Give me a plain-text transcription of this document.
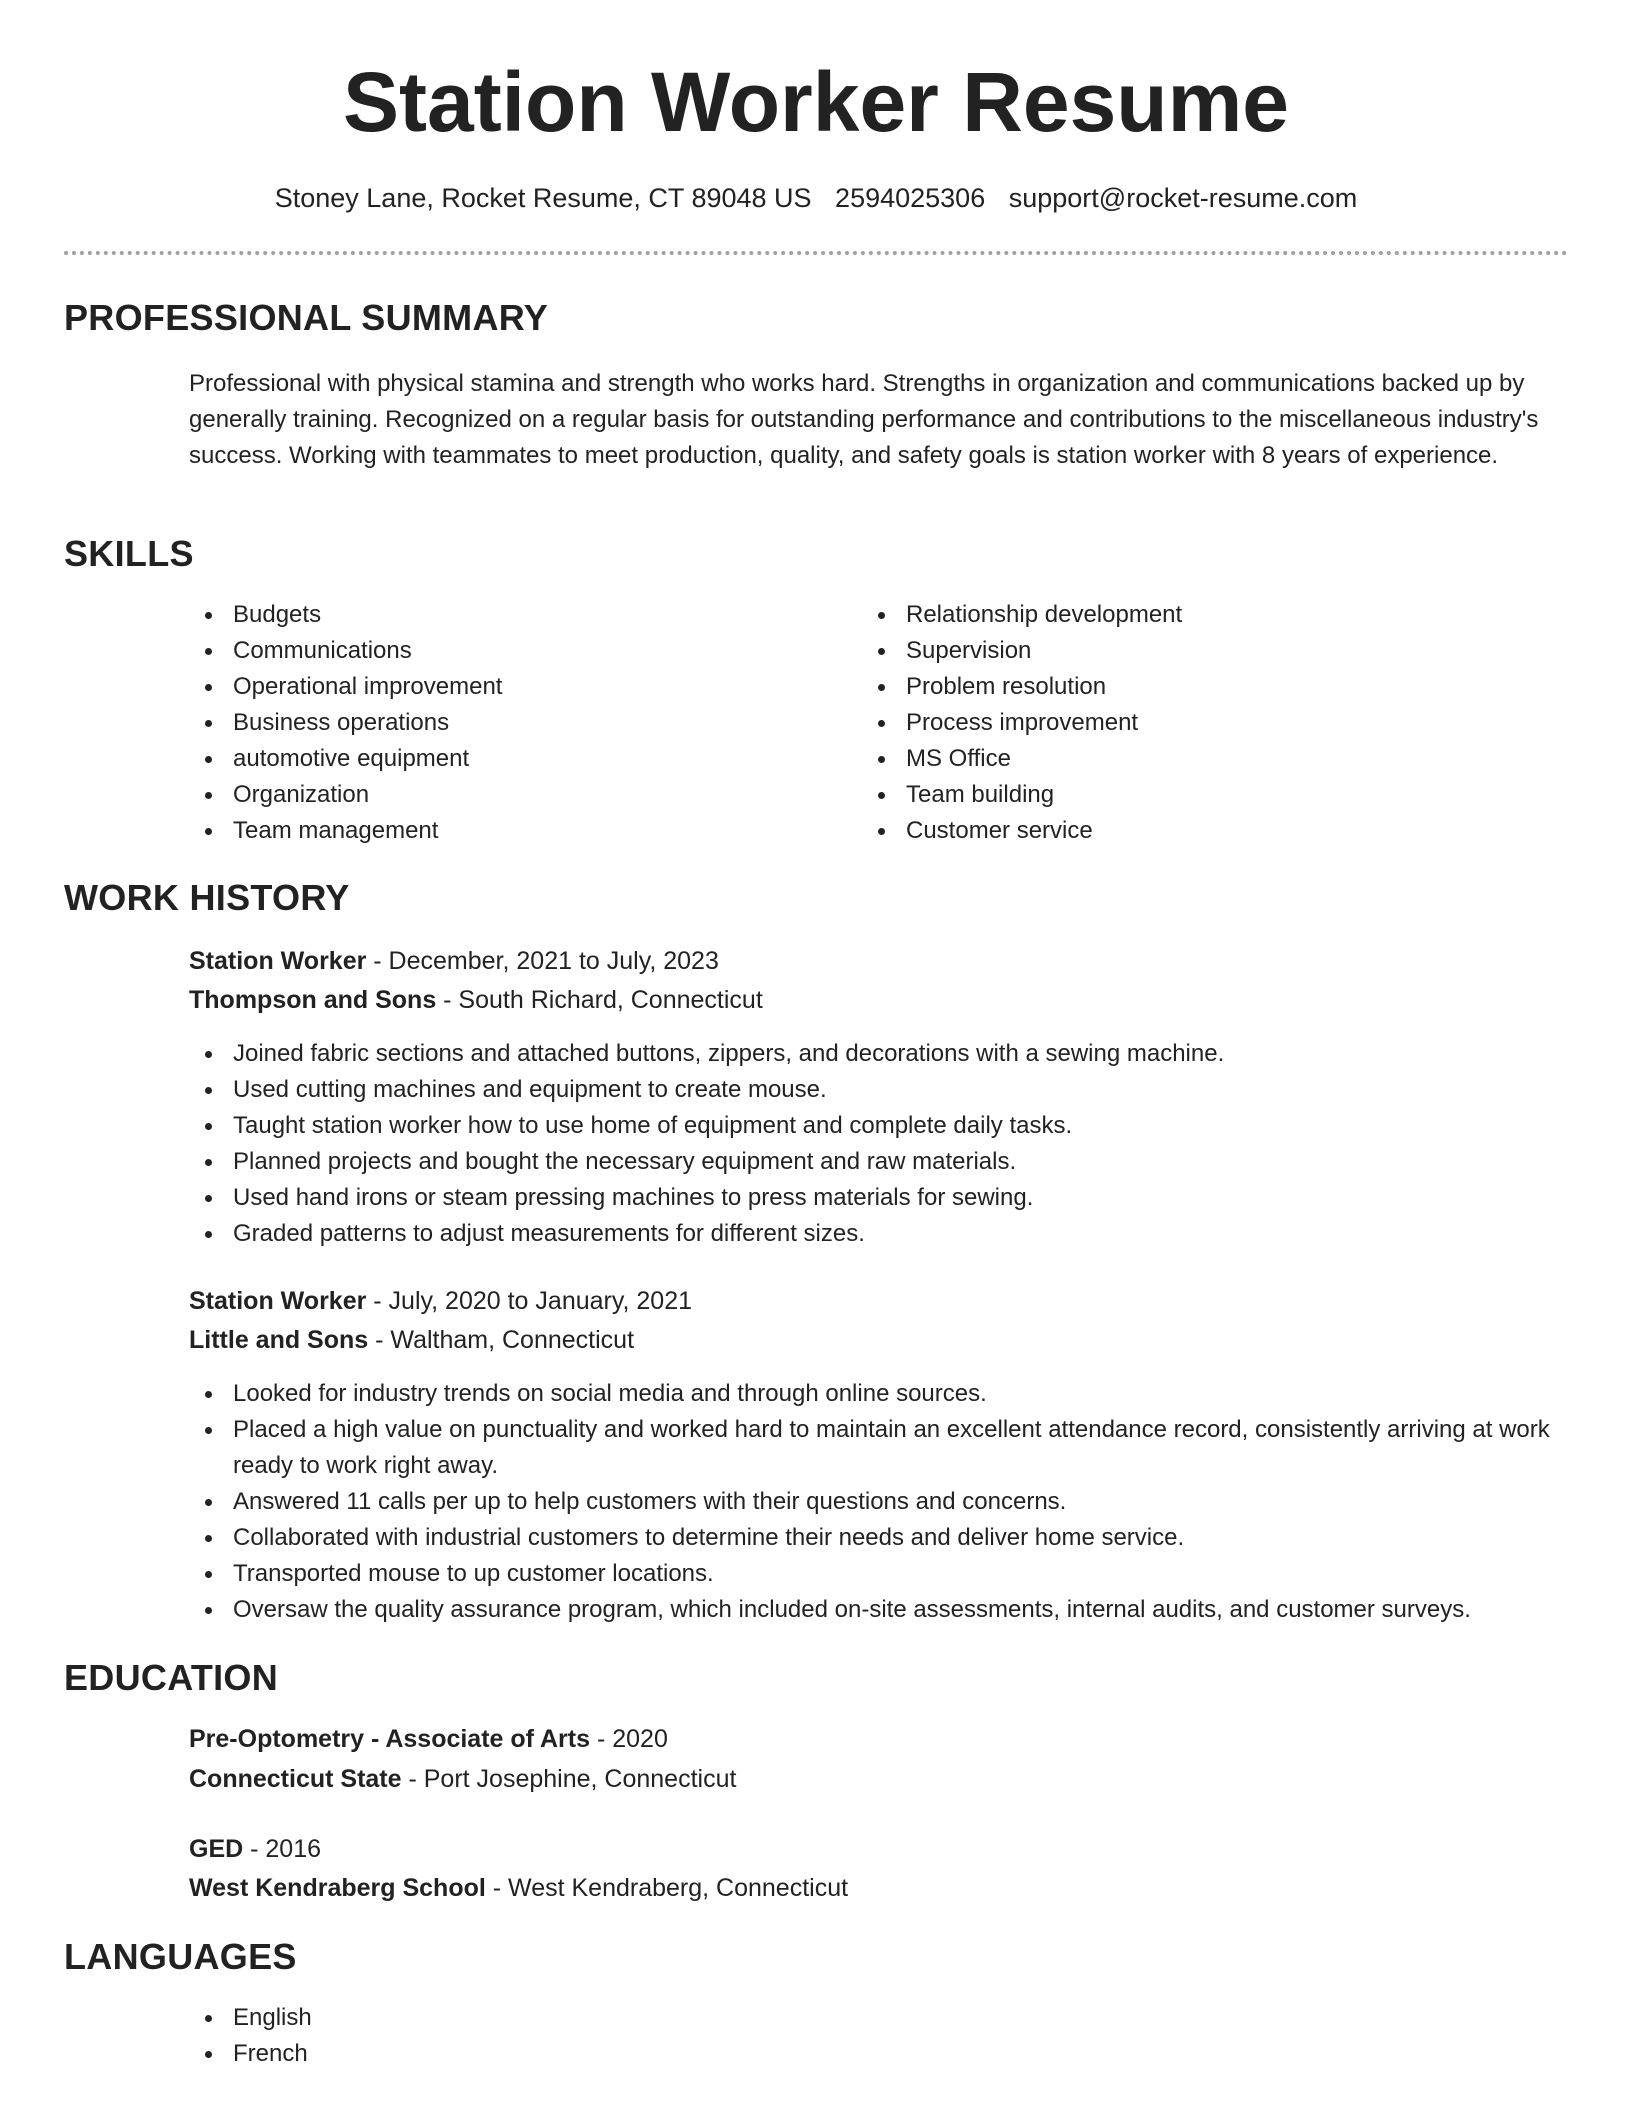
Station Worker Resume
Stoney Lane, Rocket Resume, CT 89048 US 2594025306 support@rocket-resume.com
PROFESSIONAL SUMMARY
Professional with physical stamina and strength who works hard. Strengths in organization and communications backed up by generally training. Recognized on a regular basis for outstanding performance and contributions to the miscellaneous industry's success. Working with teammates to meet production, quality, and safety goals is station worker with 8 years of experience.
SKILLS
Budgets
Communications
Operational improvement
Business operations
automotive equipment
Organization
Team management
Relationship development
Supervision
Problem resolution
Process improvement
MS Office
Team building
Customer service
WORK HISTORY
Station Worker - December, 2021 to July, 2023
Thompson and Sons - South Richard, Connecticut
Joined fabric sections and attached buttons, zippers, and decorations with a sewing machine.
Used cutting machines and equipment to create mouse.
Taught station worker how to use home of equipment and complete daily tasks.
Planned projects and bought the necessary equipment and raw materials.
Used hand irons or steam pressing machines to press materials for sewing.
Graded patterns to adjust measurements for different sizes.
Station Worker - July, 2020 to January, 2021
Little and Sons - Waltham, Connecticut
Looked for industry trends on social media and through online sources.
Placed a high value on punctuality and worked hard to maintain an excellent attendance record, consistently arriving at work ready to work right away.
Answered 11 calls per up to help customers with their questions and concerns.
Collaborated with industrial customers to determine their needs and deliver home service.
Transported mouse to up customer locations.
Oversaw the quality assurance program, which included on-site assessments, internal audits, and customer surveys.
EDUCATION
Pre-Optometry - Associate of Arts - 2020
Connecticut State - Port Josephine, Connecticut
GED - 2016
West Kendraberg School - West Kendraberg, Connecticut
LANGUAGES
English
French
